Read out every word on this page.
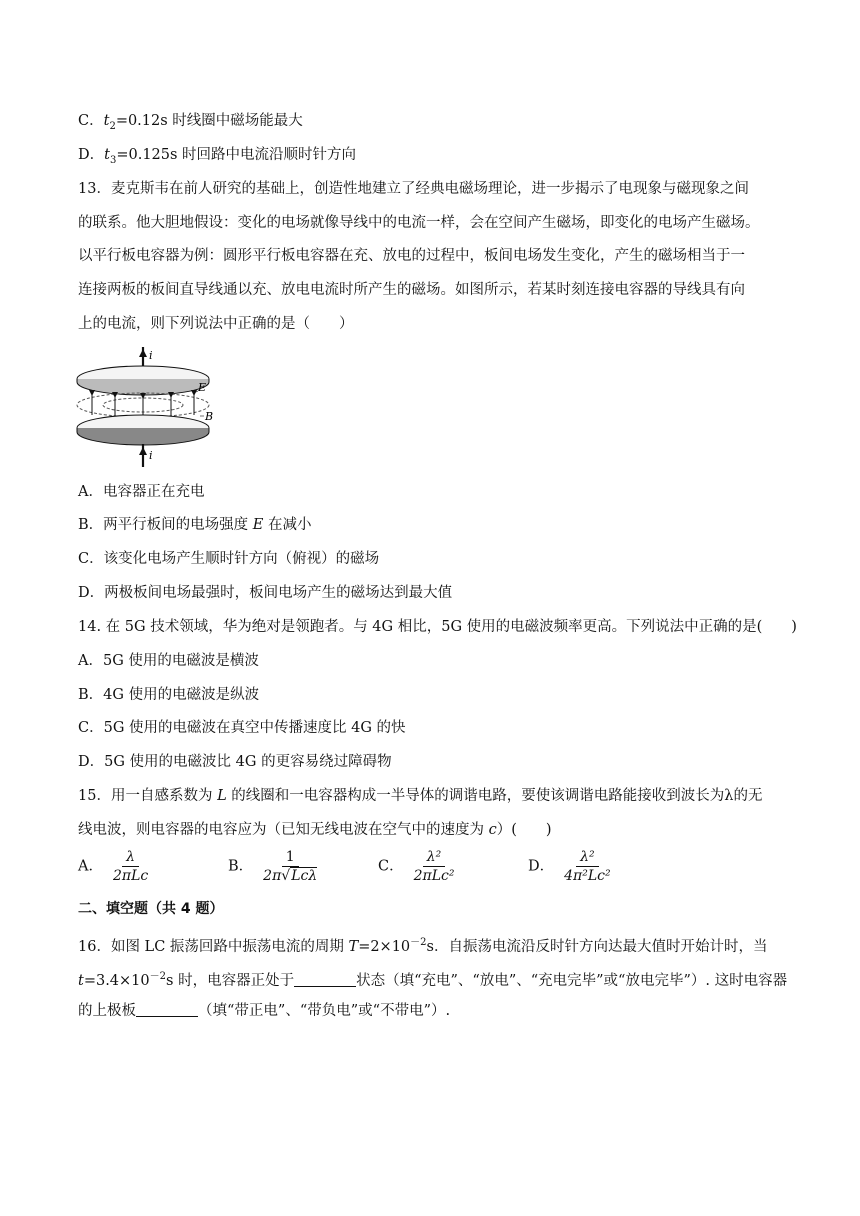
C．$t_2=0.12s$ 时线圈中磁场能最大
D．$t_3=0.125s$ 时回路中电流沿顺时针方向
13．麦克斯韦在前人研究的基础上，创造性地建立了经典电磁场理论，进一步揭示了电现象与磁现象之间
的联系。他大胆地假设：变化的电场就像导线中的电流一样，会在空间产生磁场，即变化的电场产生磁场。
以平行板电容器为例：圆形平行板电容器在充、放电的过程中，板间电场发生变化，产生的磁场相当于一
连接两板的板间直导线通以充、放电电流时所产生的磁场。如图所示，若某时刻连接电容器的导线具有向
上的电流，则下列说法中正确的是（　　）
i
E
B
i
A．电容器正在充电
B．两平行板间的电场强度 E 在减小
C．该变化电场产生顺时针方向（俯视）的磁场
D．两极板间电场最强时，板间电场产生的磁场达到最大值
14. 在 5G 技术领域，华为绝对是领跑者。与 4G 相比，5G 使用的电磁波频率更高。下列说法中正确的是(　　)
A．5G 使用的电磁波是横波
B．4G 使用的电磁波是纵波
C．5G 使用的电磁波在真空中传播速度比 4G 的快
D．5G 使用的电磁波比 4G 的更容易绕过障碍物
15．用一自感系数为 L 的线圈和一电容器构成一半导体的调谐电路，要使该调谐电路能接收到波长为λ的无
线电波，则电容器的电容应为（已知无线电波在空气中的速度为 c）(　　)
A． $\frac{\lambda}{\text{2πLc}}$	B． $\frac{1}{\text{2π√Lcλ}}$	C． $\frac{\text{λ²}}{\text{2πLc²}}$	D． $\frac{\text{λ²}}{\text{4π²Lc²}}$
二、填空题（共 4 题）
16．如图 LC 振荡回路中振荡电流的周期 $T=2\times 10^{-2}s$．自振荡电流沿反时针方向达最大值时开始计时，当
$t=3.4\times 10^{-2}s$ 时，电容器正处于	状态（填“充电”、“放电”、“充电完毕”或“放电完毕”）. 这时电容器
的上极板	（填“带正电”、“带负电”或“不带电”）.
